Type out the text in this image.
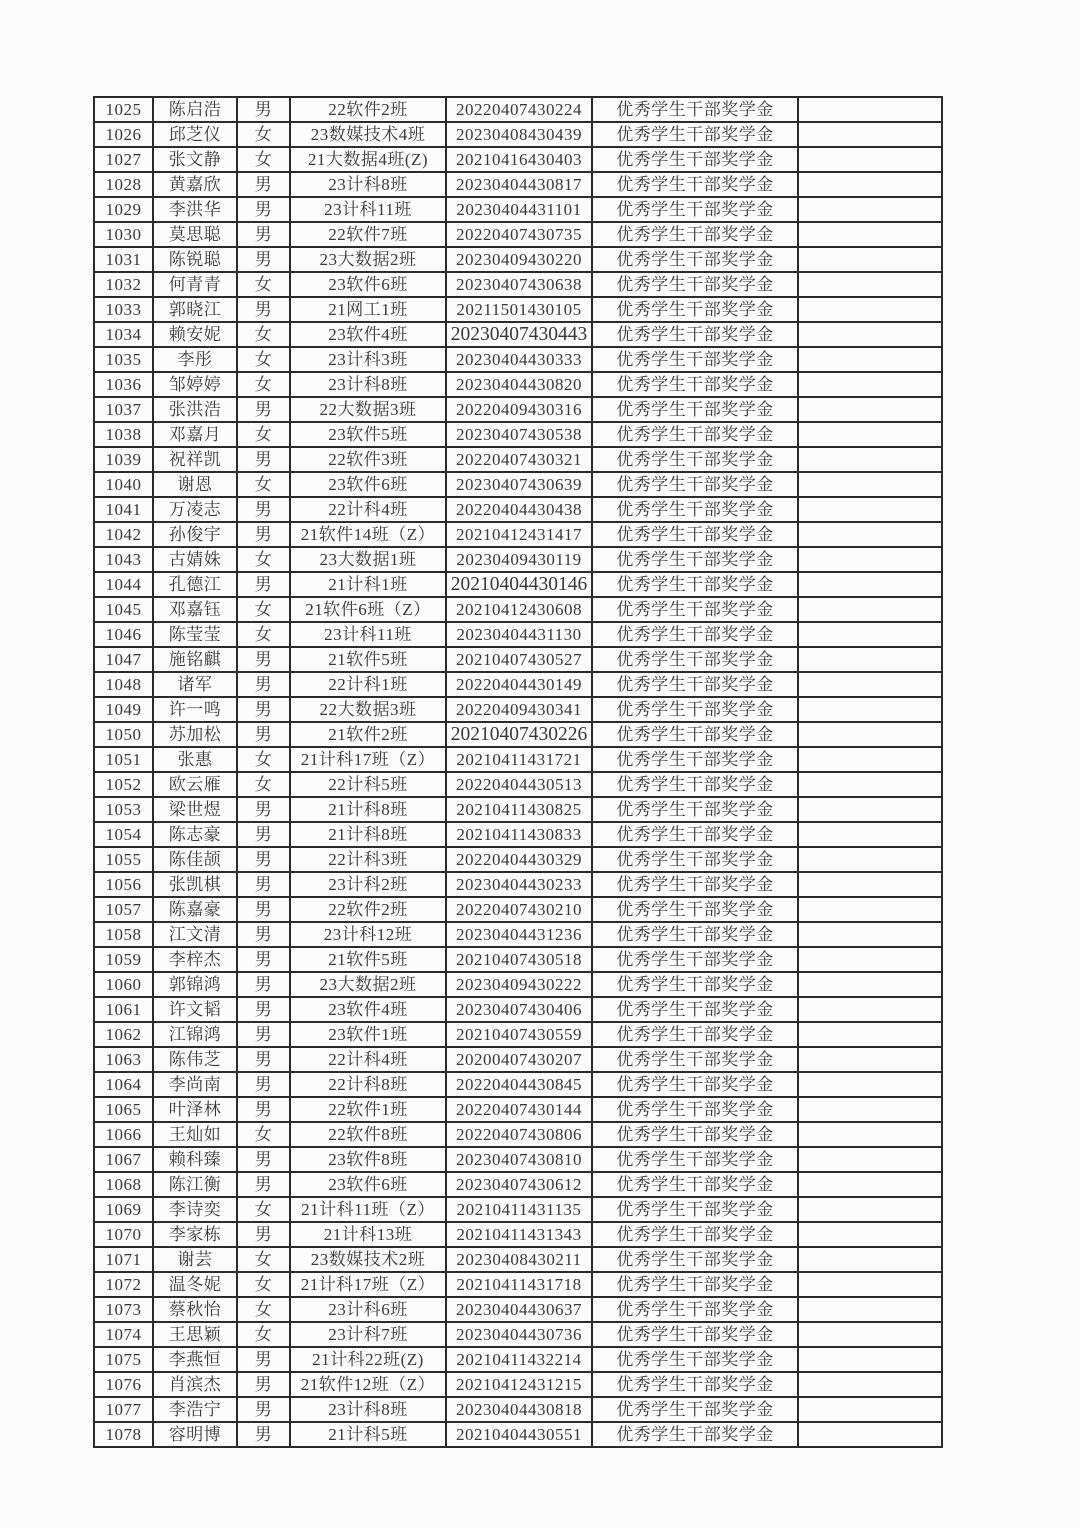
1025	陈启浩	男	22软件2班	20220407430224	优秀学生干部奖学金	
1026	邱芝仪	女	23数媒技术4班	20230408430439	优秀学生干部奖学金	
1027	张文静	女	21大数据4班(Z)	20210416430403	优秀学生干部奖学金	
1028	黄嘉欣	男	23计科8班	20230404430817	优秀学生干部奖学金	
1029	李洪华	男	23计科11班	20230404431101	优秀学生干部奖学金	
1030	莫思聪	男	22软件7班	20220407430735	优秀学生干部奖学金	
1031	陈锐聪	男	23大数据2班	20230409430220	优秀学生干部奖学金	
1032	何青青	女	23软件6班	20230407430638	优秀学生干部奖学金	
1033	郭晓江	男	21网工1班	20211501430105	优秀学生干部奖学金	
1034	赖安妮	女	23软件4班	20230407430443	优秀学生干部奖学金	
1035	李彤	女	23计科3班	20230404430333	优秀学生干部奖学金	
1036	邹婷婷	女	23计科8班	20230404430820	优秀学生干部奖学金	
1037	张洪浩	男	22大数据3班	20220409430316	优秀学生干部奖学金	
1038	邓嘉月	女	23软件5班	20230407430538	优秀学生干部奖学金	
1039	祝祥凯	男	22软件3班	20220407430321	优秀学生干部奖学金	
1040	谢恩	女	23软件6班	20230407430639	优秀学生干部奖学金	
1041	万凌志	男	22计科4班	20220404430438	优秀学生干部奖学金	
1042	孙俊宇	男	21软件14班（Z）	20210412431417	优秀学生干部奖学金	
1043	古婧姝	女	23大数据1班	20230409430119	优秀学生干部奖学金	
1044	孔德江	男	21计科1班	20210404430146	优秀学生干部奖学金	
1045	邓嘉钰	女	21软件6班（Z）	20210412430608	优秀学生干部奖学金	
1046	陈莹莹	女	23计科11班	20230404431130	优秀学生干部奖学金	
1047	施铭麒	男	21软件5班	20210407430527	优秀学生干部奖学金	
1048	诸军	男	22计科1班	20220404430149	优秀学生干部奖学金	
1049	许一鸣	男	22大数据3班	20220409430341	优秀学生干部奖学金	
1050	苏加松	男	21软件2班	20210407430226	优秀学生干部奖学金	
1051	张惠	女	21计科17班（Z）	20210411431721	优秀学生干部奖学金	
1052	欧云雁	女	22计科5班	20220404430513	优秀学生干部奖学金	
1053	梁世煜	男	21计科8班	20210411430825	优秀学生干部奖学金	
1054	陈志豪	男	21计科8班	20210411430833	优秀学生干部奖学金	
1055	陈佳颉	男	22计科3班	20220404430329	优秀学生干部奖学金	
1056	张凯棋	男	23计科2班	20230404430233	优秀学生干部奖学金	
1057	陈嘉豪	男	22软件2班	20220407430210	优秀学生干部奖学金	
1058	江文清	男	23计科12班	20230404431236	优秀学生干部奖学金	
1059	李梓杰	男	21软件5班	20210407430518	优秀学生干部奖学金	
1060	郭锦鸿	男	23大数据2班	20230409430222	优秀学生干部奖学金	
1061	许文韬	男	23软件4班	20230407430406	优秀学生干部奖学金	
1062	江锦鸿	男	23软件1班	20210407430559	优秀学生干部奖学金	
1063	陈伟芝	男	22计科4班	20200407430207	优秀学生干部奖学金	
1064	李尚南	男	22计科8班	20220404430845	优秀学生干部奖学金	
1065	叶泽林	男	22软件1班	20220407430144	优秀学生干部奖学金	
1066	王灿如	女	22软件8班	20220407430806	优秀学生干部奖学金	
1067	赖科臻	男	23软件8班	20230407430810	优秀学生干部奖学金	
1068	陈江衡	男	23软件6班	20230407430612	优秀学生干部奖学金	
1069	李诗奕	女	21计科11班（Z）	20210411431135	优秀学生干部奖学金	
1070	李家栋	男	21计科13班	20210411431343	优秀学生干部奖学金	
1071	谢芸	女	23数媒技术2班	20230408430211	优秀学生干部奖学金	
1072	温冬妮	女	21计科17班（Z）	20210411431718	优秀学生干部奖学金	
1073	蔡秋怡	女	23计科6班	20230404430637	优秀学生干部奖学金	
1074	王思颖	女	23计科7班	20230404430736	优秀学生干部奖学金	
1075	李燕恒	男	21计科22班(Z)	20210411432214	优秀学生干部奖学金	
1076	肖滨杰	男	21软件12班（Z）	20210412431215	优秀学生干部奖学金	
1077	李浩宁	男	23计科8班	20230404430818	优秀学生干部奖学金	
1078	容明博	男	21计科5班	20210404430551	优秀学生干部奖学金	
